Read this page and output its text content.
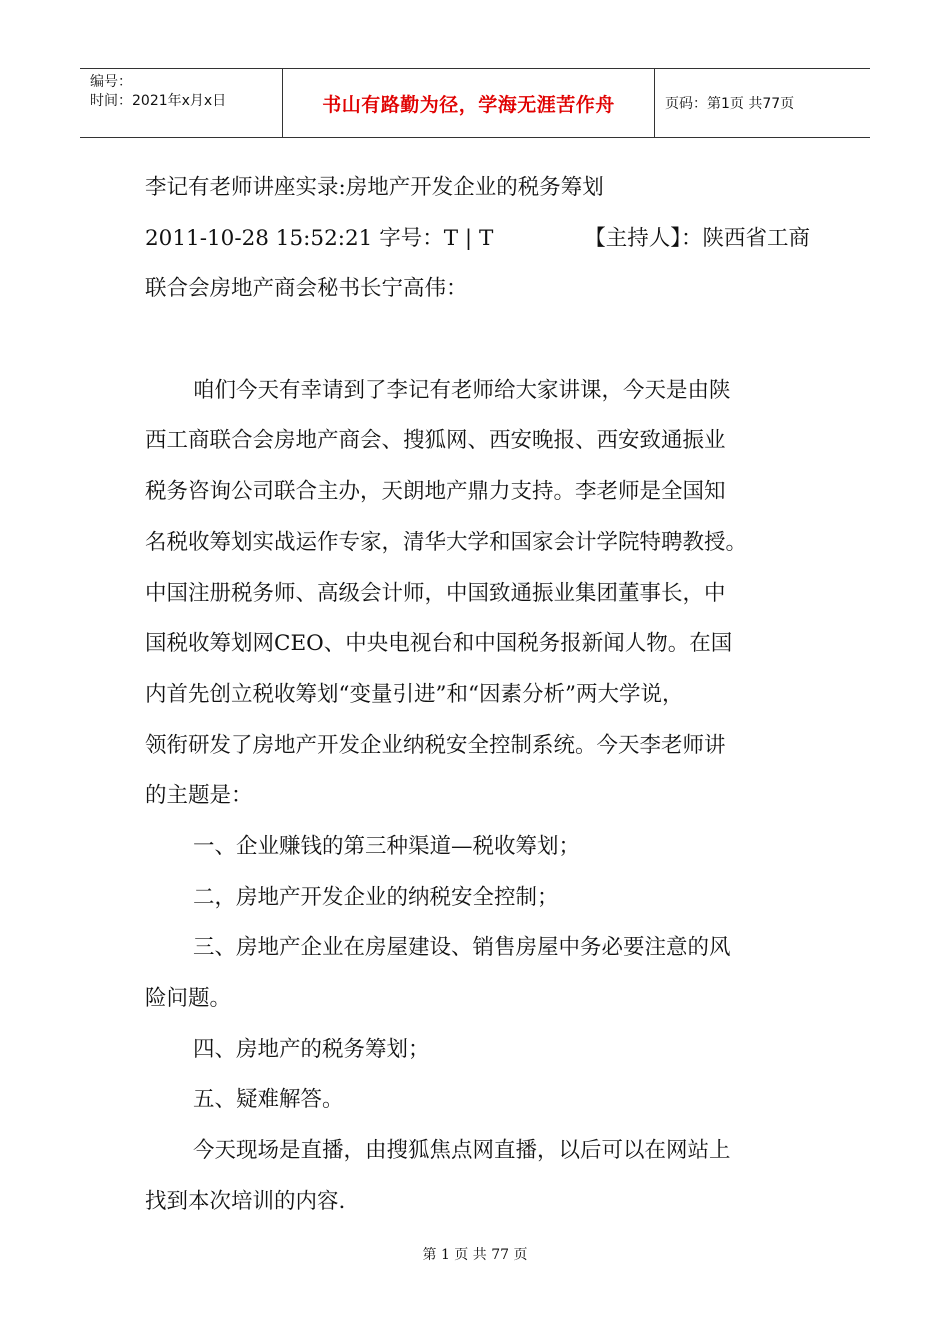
编号：
时间：2021年x月x日	书山有路勤为径，学海无涯苦作舟	页码：第1页 共77页
李记有老师讲座实录:房地产开发企业的税务筹划
2011-10-28 15:52:21 字号：T | T	【主持人】：陕西省工商
联合会房地产商会秘书长宁高伟：
咱们今天有幸请到了李记有老师给大家讲课，今天是由陕
西工商联合会房地产商会、搜狐网、西安晚报、西安致通振业
税务咨询公司联合主办，天朗地产鼎力支持。李老师是全国知
名税收筹划实战运作专家，清华大学和国家会计学院特聘教授。
中国注册税务师、高级会计师，中国致通振业集团董事长，中
国税收筹划网CEO、中央电视台和中国税务报新闻人物。在国
内首先创立税收筹划“变量引进”和“因素分析”两大学说，
领衔研发了房地产开发企业纳税安全控制系统。今天李老师讲
的主题是：
一、企业赚钱的第三种渠道—税收筹划；
二，房地产开发企业的纳税安全控制；
三、房地产企业在房屋建设、销售房屋中务必要注意的风
险问题。
四、房地产的税务筹划；
五、疑难解答。
今天现场是直播，由搜狐焦点网直播，以后可以在网站上
找到本次培训的内容.
第 1 页 共 77 页
